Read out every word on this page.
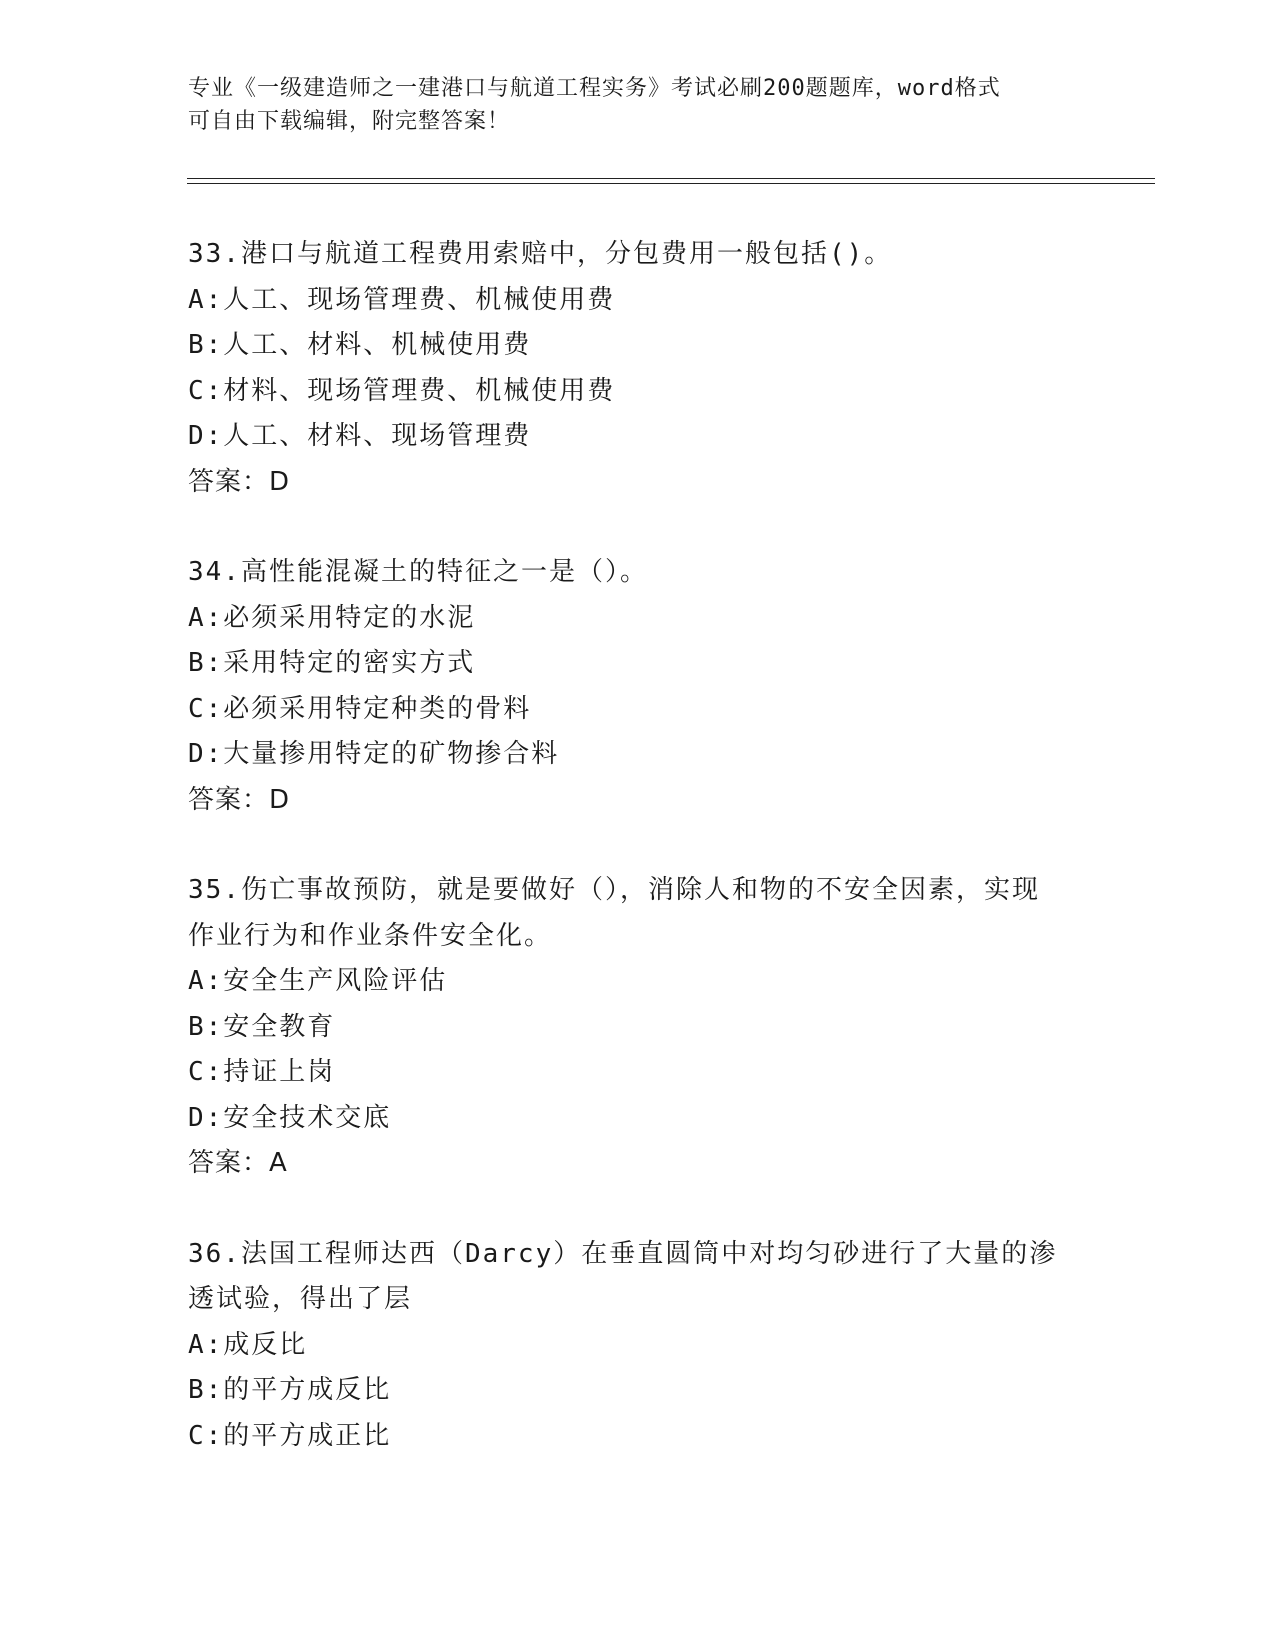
专业《一级建造师之一建港口与航道工程实务》考试必刷200题题库，word格式
可自由下载编辑，附完整答案！
33.港口与航道工程费用索赔中，分包费用一般包括()。
A:人工、现场管理费、机械使用费
B:人工、材料、机械使用费
C:材料、现场管理费、机械使用费
D:人工、材料、现场管理费
答案：D
34.高性能混凝土的特征之一是（）。
A:必须采用特定的水泥
B:采用特定的密实方式
C:必须采用特定种类的骨料
D:大量掺用特定的矿物掺合料
答案：D
35.伤亡事故预防，就是要做好（），消除人和物的不安全因素，实现
作业行为和作业条件安全化。
A:安全生产风险评估
B:安全教育
C:持证上岗
D:安全技术交底
答案：A
36.法国工程师达西（Darcy）在垂直圆筒中对均匀砂进行了大量的渗
透试验，得出了层
A:成反比
B:的平方成反比
C:的平方成正比
